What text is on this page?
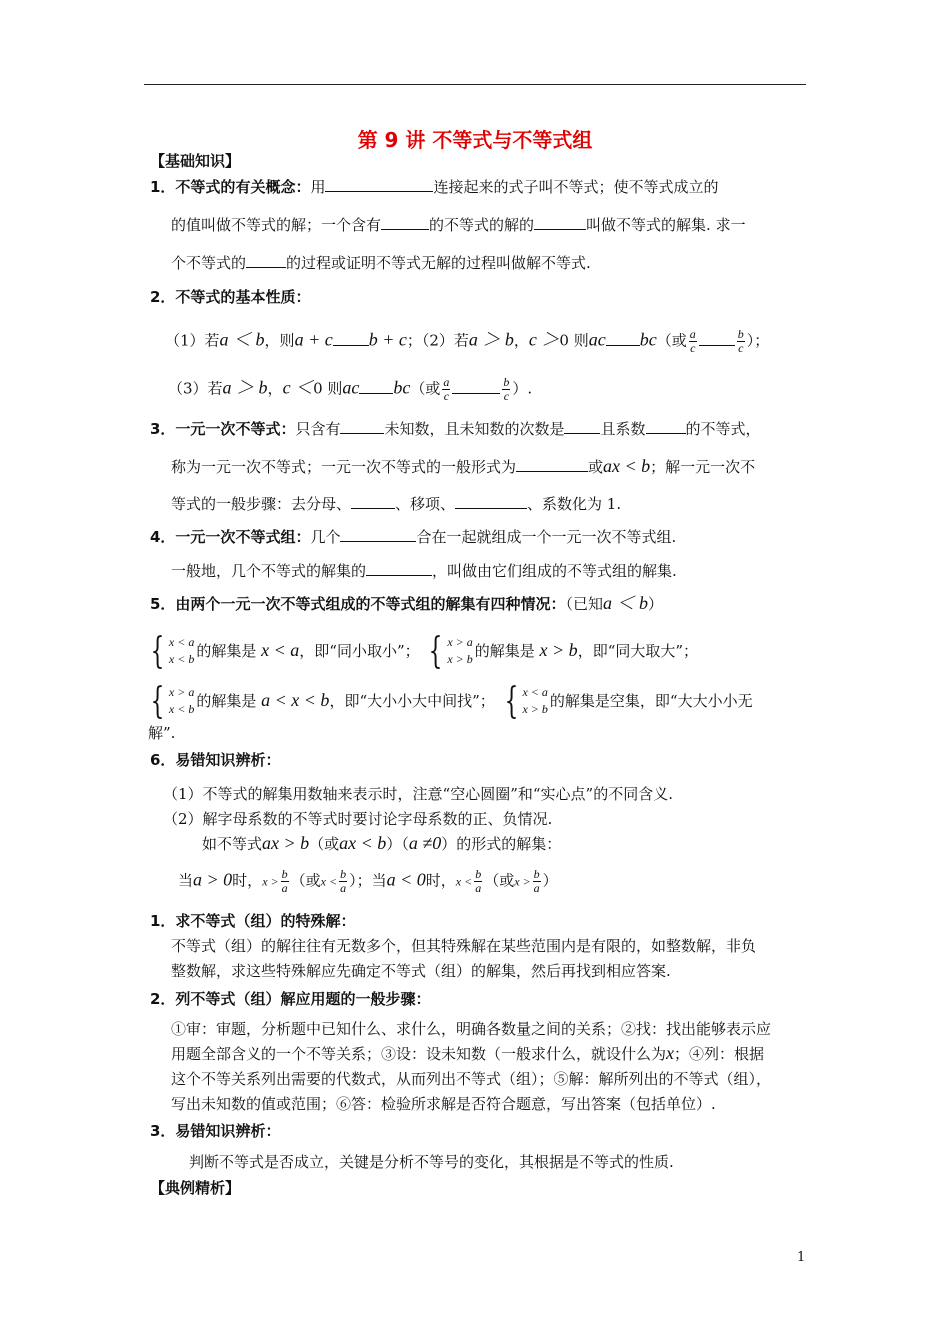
第 9 讲 不等式与不等式组
【基础知识】
1．不等式的有关概念：用	连接起来的式子叫不等式；使不等式成立的
的值叫做不等式的解；一个含有	的不等式的解的	叫做不等式的解集. 求一
个不等式的	的过程或证明不等式无解的过程叫做解不等式.
2．不等式的基本性质：
（1）若a ＜ b，则a + c b + c；（2）若a ＞ b，c ＞0 则ac bc（或 $\frac{a}{c}$	$\frac{b}{c}$ ）；
（3）若a ＞ b，c ＜0 则ac bc（或 $\frac{a}{c}$	$\frac{b}{c}$ ）.
3．一元一次不等式：只含有	未知数，且未知数的次数是 且系数	的不等式，
称为一元一次不等式；一元一次不等式的一般形式为	或ax < b；解一元一次不
等式的一般步骤：去分母、	、移项、	、系数化为 1.
4．一元一次不等式组：几个	合在一起就组成一个一元一次不等式组.
一般地，几个不等式的解集的	，叫做由它们组成的不等式组的解集.
5．由两个一元一次不等式组成的不等式组的解集有四种情况：（已知a ＜ b）
{ x < a
x < b 的解集是 x < a，即“同小取小”； { x > a
x > b 的解集是 x > b，即“同大取大”；
{ x > a
x < b 的解集是 a < x < b，即“大小小大中间找”； { x < a
x > b 的解集是空集，即“大大小小无
解”.
6．易错知识辨析：
（1）不等式的解集用数轴来表示时，注意“空心圆圈”和“实心点”的不同含义.
（2）解字母系数的不等式时要讨论字母系数的正、负情况.
如不等式ax > b（或ax < b）（a ≠0）的形式的解集：
当a > 0时，$x > \frac{b}{a}$ （或$x < \frac{b}{a}$ ）；当a < 0时，$x < \frac{b}{a}$ （或$x > \frac{b}{a}$ ）
1．求不等式（组）的特殊解：
不等式（组）的解往往有无数多个，但其特殊解在某些范围内是有限的，如整数解，非负
整数解，求这些特殊解应先确定不等式（组）的解集，然后再找到相应答案.
2．列不等式（组）解应用题的一般步骤：
①审：审题，分析题中已知什么、求什么，明确各数量之间的关系；②找：找出能够表示应
用题全部含义的一个不等关系；③设：设未知数（一般求什么，就设什么为x；④列：根据
这个不等关系列出需要的代数式，从而列出不等式（组）；⑤解：解所列出的不等式（组），
写出未知数的值或范围；⑥答：检验所求解是否符合题意，写出答案（包括单位）.
3．易错知识辨析：
判断不等式是否成立，关键是分析不等号的变化，其根据是不等式的性质.
【典例精析】
1
